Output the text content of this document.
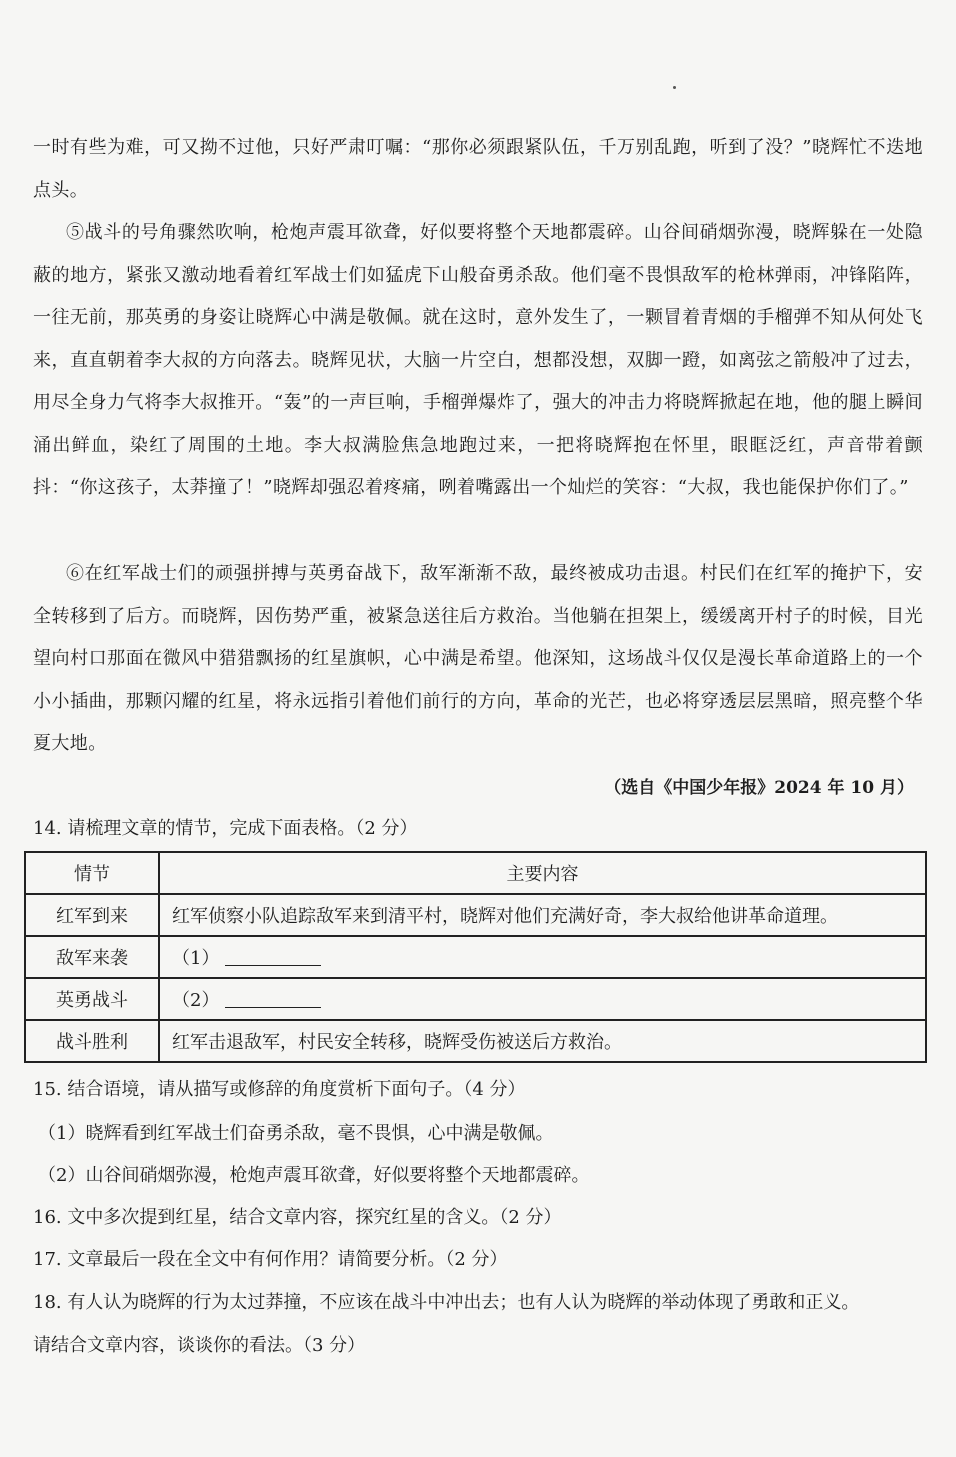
一时有些为难，可又拗不过他，只好严肃叮嘱：“那你必须跟紧队伍，千万别乱跑，听到了没？”晓辉忙不迭地点头。

⑤战斗的号角骤然吹响，枪炮声震耳欲聋，好似要将整个天地都震碎。山谷间硝烟弥漫，晓辉躲在一处隐蔽的地方，紧张又激动地看着红军战士们如猛虎下山般奋勇杀敌。他们毫不畏惧敌军的枪林弹雨，冲锋陷阵，一往无前，那英勇的身姿让晓辉心中满是敬佩。就在这时，意外发生了，一颗冒着青烟的手榴弹不知从何处飞来，直直朝着李大叔的方向落去。晓辉见状，大脑一片空白，想都没想，双脚一蹬，如离弦之箭般冲了过去，用尽全身力气将李大叔推开。“轰”的一声巨响，手榴弹爆炸了，强大的冲击力将晓辉掀起在地，他的腿上瞬间涌出鲜血，染红了周围的土地。李大叔满脸焦急地跑过来，一把将晓辉抱在怀里，眼眶泛红，声音带着颤抖：“你这孩子，太莽撞了！”晓辉却强忍着疼痛，咧着嘴露出一个灿烂的笑容：“大叔，我也能保护你们了。”

⑥在红军战士们的顽强拼搏与英勇奋战下，敌军渐渐不敌，最终被成功击退。村民们在红军的掩护下，安全转移到了后方。而晓辉，因伤势严重，被紧急送往后方救治。当他躺在担架上，缓缓离开村子的时候，目光望向村口那面在微风中猎猎飘扬的红星旗帜，心中满是希望。他深知，这场战斗仅仅是漫长革命道路上的一个小小插曲，那颗闪耀的红星，将永远指引着他们前行的方向，革命的光芒，也必将穿透层层黑暗，照亮整个华夏大地。

（选自《中国少年报》2024 年 10 月）

14. 请梳理文章的情节，完成下面表格。（2 分）

情节	主要内容
红军到来	红军侦察小队追踪敌军来到清平村，晓辉对他们充满好奇，李大叔给他讲革命道理。
敌军来袭	（1）
英勇战斗	（2）
战斗胜利	红军击退敌军，村民安全转移，晓辉受伤被送后方救治。

15. 结合语境，请从描写或修辞的角度赏析下面句子。（4 分）

（1）晓辉看到红军战士们奋勇杀敌，毫不畏惧，心中满是敬佩。

（2）山谷间硝烟弥漫，枪炮声震耳欲聋，好似要将整个天地都震碎。

16. 文中多次提到红星，结合文章内容，探究红星的含义。（2 分）

17. 文章最后一段在全文中有何作用？请简要分析。（2 分）

18. 有人认为晓辉的行为太过莽撞，不应该在战斗中冲出去；也有人认为晓辉的举动体现了勇敢和正义。

请结合文章内容，谈谈你的看法。（3 分）
